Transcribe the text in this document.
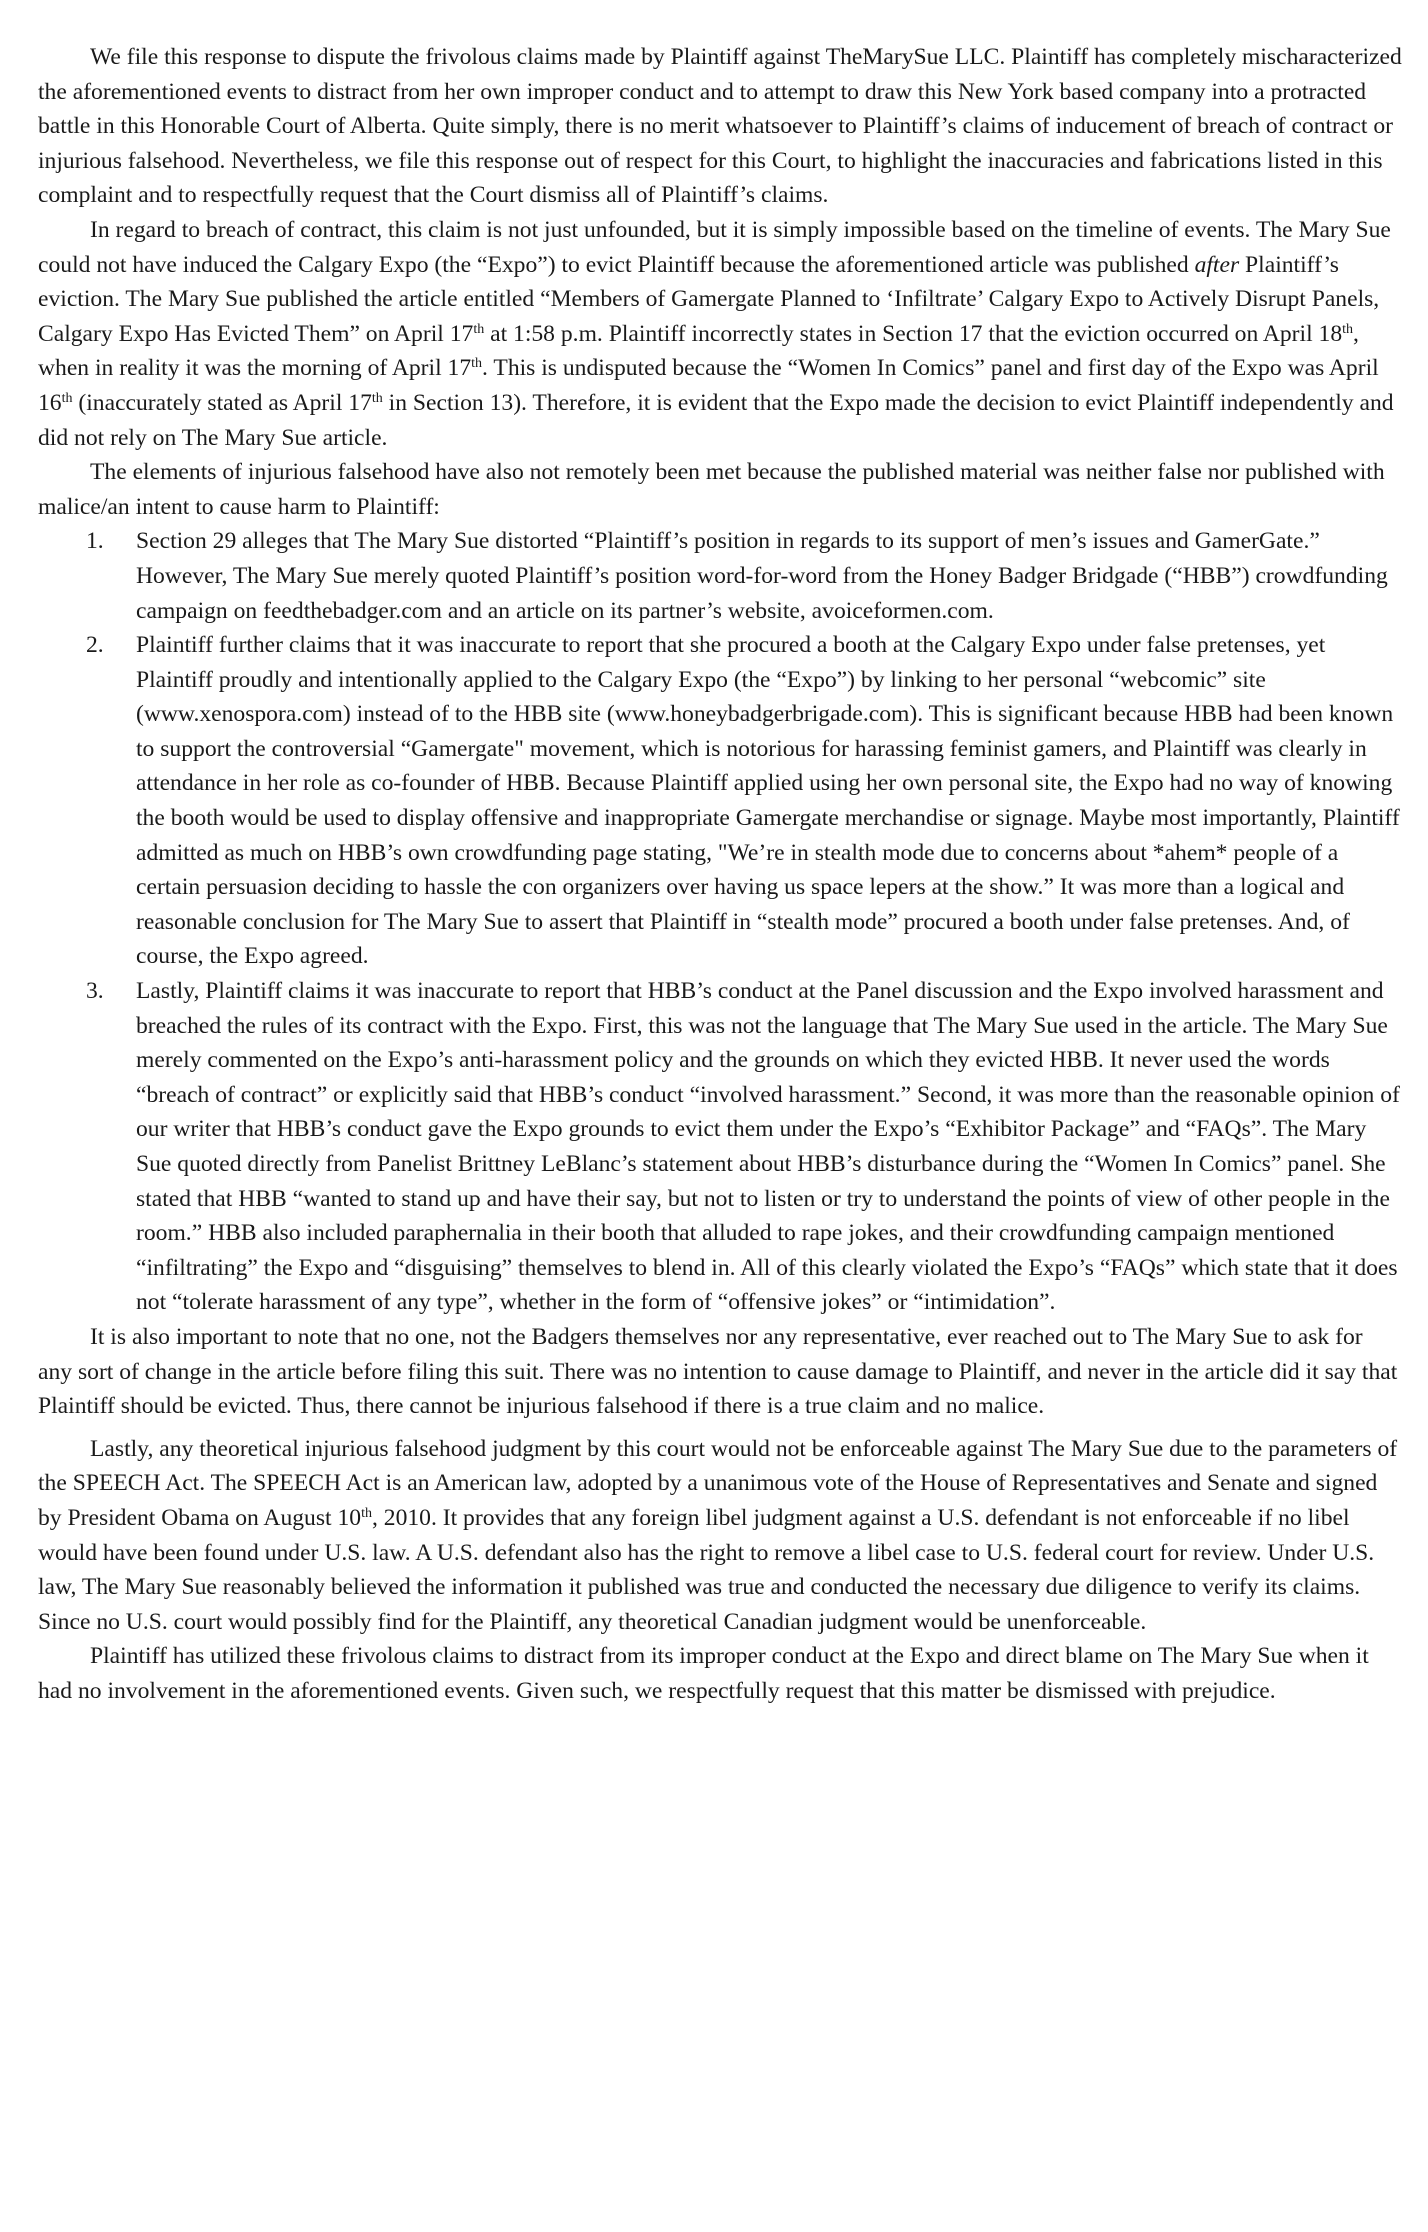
We file this response to dispute the frivolous claims made by Plaintiff against TheMarySue LLC. Plaintiff has completely mischaracterized the aforementioned events to distract from her own improper conduct and to attempt to draw this New York based company into a protracted battle in this Honorable Court of Alberta. Quite simply, there is no merit whatsoever to Plaintiff’s claims of inducement of breach of contract or injurious falsehood. Nevertheless, we file this response out of respect for this Court, to highlight the inaccuracies and fabrications listed in this complaint and to respectfully request that the Court dismiss all of Plaintiff’s claims.

In regard to breach of contract, this claim is not just unfounded, but it is simply impossible based on the timeline of events. The Mary Sue could not have induced the Calgary Expo (the “Expo”) to evict Plaintiff because the aforementioned article was published after Plaintiff’s eviction. The Mary Sue published the article entitled “Members of Gamergate Planned to ‘Infiltrate’ Calgary Expo to Actively Disrupt Panels, Calgary Expo Has Evicted Them” on April 17th at 1:58 p.m. Plaintiff incorrectly states in Section 17 that the eviction occurred on April 18th, when in reality it was the morning of April 17th. This is undisputed because the “Women In Comics” panel and first day of the Expo was April 16th (inaccurately stated as April 17th in Section 13). Therefore, it is evident that the Expo made the decision to evict Plaintiff independently and did not rely on The Mary Sue article.

The elements of injurious falsehood have also not remotely been met because the published material was neither false nor published with malice/an intent to cause harm to Plaintiff:

1. Section 29 alleges that The Mary Sue distorted “Plaintiff’s position in regards to its support of men’s issues and GamerGate.” However, The Mary Sue merely quoted Plaintiff’s position word-for-word from the Honey Badger Bridgade (“HBB”) crowdfunding campaign on feedthebadger.com and an article on its partner’s website, avoiceformen.com.
2. Plaintiff further claims that it was inaccurate to report that she procured a booth at the Calgary Expo under false pretenses, yet Plaintiff proudly and intentionally applied to the Calgary Expo (the “Expo”) by linking to her personal “webcomic” site (www.xenospora.com) instead of to the HBB site (www.honeybadgerbrigade.com). This is significant because HBB had been known to support the controversial “Gamergate" movement, which is notorious for harassing feminist gamers, and Plaintiff was clearly in attendance in her role as co-founder of HBB. Because Plaintiff applied using her own personal site, the Expo had no way of knowing the booth would be used to display offensive and inappropriate Gamergate merchandise or signage. Maybe most importantly, Plaintiff admitted as much on HBB’s own crowdfunding page stating, "We’re in stealth mode due to concerns about *ahem* people of a certain persuasion deciding to hassle the con organizers over having us space lepers at the show.” It was more than a logical and reasonable conclusion for The Mary Sue to assert that Plaintiff in “stealth mode” procured a booth under false pretenses. And, of course, the Expo agreed.
3. Lastly, Plaintiff claims it was inaccurate to report that HBB’s conduct at the Panel discussion and the Expo involved harassment and breached the rules of its contract with the Expo. First, this was not the language that The Mary Sue used in the article. The Mary Sue merely commented on the Expo’s anti-harassment policy and the grounds on which they evicted HBB. It never used the words “breach of contract” or explicitly said that HBB’s conduct “involved harassment.” Second, it was more than the reasonable opinion of our writer that HBB’s conduct gave the Expo grounds to evict them under the Expo’s “Exhibitor Package” and “FAQs”. The Mary Sue quoted directly from Panelist Brittney LeBlanc’s statement about HBB’s disturbance during the “Women In Comics” panel. She stated that HBB “wanted to stand up and have their say, but not to listen or try to understand the points of view of other people in the room.” HBB also included paraphernalia in their booth that alluded to rape jokes, and their crowdfunding campaign mentioned “infiltrating” the Expo and “disguising” themselves to blend in. All of this clearly violated the Expo’s “FAQs” which state that it does not “tolerate harassment of any type”, whether in the form of “offensive jokes” or “intimidation”.

It is also important to note that no one, not the Badgers themselves nor any representative, ever reached out to The Mary Sue to ask for any sort of change in the article before filing this suit. There was no intention to cause damage to Plaintiff, and never in the article did it say that Plaintiff should be evicted. Thus, there cannot be injurious falsehood if there is a true claim and no malice.

Lastly, any theoretical injurious falsehood judgment by this court would not be enforceable against The Mary Sue due to the parameters of the SPEECH Act. The SPEECH Act is an American law, adopted by a unanimous vote of the House of Representatives and Senate and signed by President Obama on August 10th, 2010. It provides that any foreign libel judgment against a U.S. defendant is not enforceable if no libel would have been found under U.S. law. A U.S. defendant also has the right to remove a libel case to U.S. federal court for review. Under U.S. law, The Mary Sue reasonably believed the information it published was true and conducted the necessary due diligence to verify its claims. Since no U.S. court would possibly find for the Plaintiff, any theoretical Canadian judgment would be unenforceable.

Plaintiff has utilized these frivolous claims to distract from its improper conduct at the Expo and direct blame on The Mary Sue when it had no involvement in the aforementioned events. Given such, we respectfully request that this matter be dismissed with prejudice.
